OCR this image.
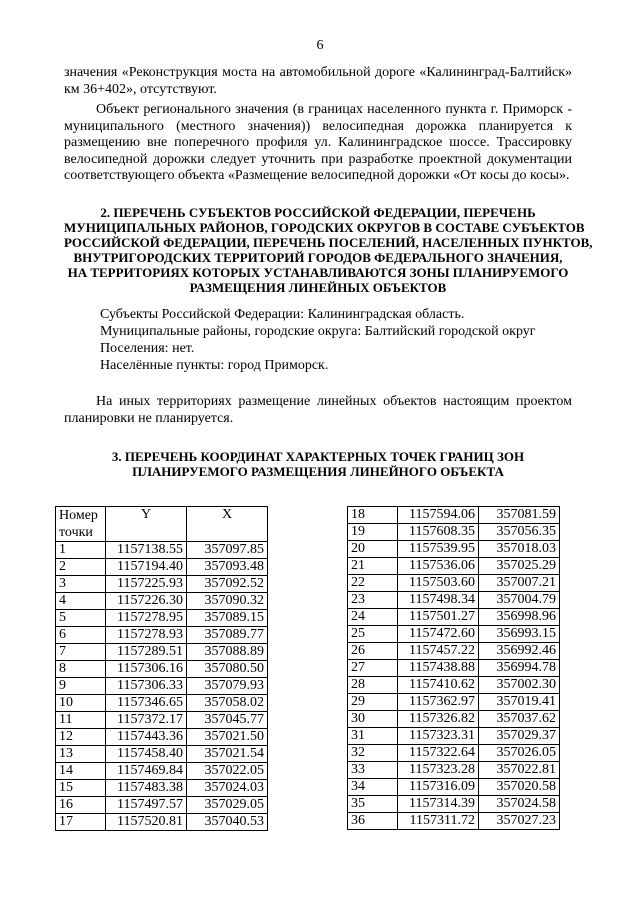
6
значения «Реконструкция моста на автомобильной дороге «Калининград-Балтийск»
км 36+402», отсутствуют.
Объект регионального значения (в границах населенного пункта г. Приморск - муниципального (местного значения)) велосипедная дорожка планируется к размещению вне поперечного профиля ул. Калининградское шоссе. Трассировку велосипедной дорожки следует уточнить при разработке проектной документации соответствующего объекта «Размещение велосипедной дорожки «От косы до косы».
2. ПЕРЕЧЕНЬ СУБЪЕКТОВ РОССИЙСКОЙ ФЕДЕРАЦИИ, ПЕРЕЧЕНЬ
МУНИЦИПАЛЬНЫХ РАЙОНОВ, ГОРОДСКИХ ОКРУГОВ В СОСТАВЕ СУБЪЕКТОВ
РОССИЙСКОЙ ФЕДЕРАЦИИ, ПЕРЕЧЕНЬ ПОСЕЛЕНИЙ, НАСЕЛЕННЫХ ПУНКТОВ,
ВНУТРИГОРОДСКИХ ТЕРРИТОРИЙ ГОРОДОВ ФЕДЕРАЛЬНОГО ЗНАЧЕНИЯ,
НА ТЕРРИТОРИЯХ КОТОРЫХ УСТАНАВЛИВАЮТСЯ ЗОНЫ ПЛАНИРУЕМОГО
РАЗМЕЩЕНИЯ ЛИНЕЙНЫХ ОБЪЕКТОВ
Субъекты Российской Федерации: Калининградская область.
Муниципальные районы, городские округа: Балтийский городской округ
Поселения: нет.
Населённые пункты: город Приморск.
На иных территориях размещение линейных объектов настоящим проектом планировки не планируется.
3. ПЕРЕЧЕНЬ КООРДИНАТ ХАРАКТЕРНЫХ ТОЧЕК ГРАНИЦ ЗОН
ПЛАНИРУЕМОГО РАЗМЕЩЕНИЯ ЛИНЕЙНОГО ОБЪЕКТА
Номер
точки	Y	X
1	1157138.55	357097.85
2	1157194.40	357093.48
3	1157225.93	357092.52
4	1157226.30	357090.32
5	1157278.95	357089.15
6	1157278.93	357089.77
7	1157289.51	357088.89
8	1157306.16	357080.50
9	1157306.33	357079.93
10	1157346.65	357058.02
11	1157372.17	357045.77
12	1157443.36	357021.50
13	1157458.40	357021.54
14	1157469.84	357022.05
15	1157483.38	357024.03
16	1157497.57	357029.05
17	1157520.81	357040.53
18	1157594.06	357081.59
19	1157608.35	357056.35
20	1157539.95	357018.03
21	1157536.06	357025.29
22	1157503.60	357007.21
23	1157498.34	357004.79
24	1157501.27	356998.96
25	1157472.60	356993.15
26	1157457.22	356992.46
27	1157438.88	356994.78
28	1157410.62	357002.30
29	1157362.97	357019.41
30	1157326.82	357037.62
31	1157323.31	357029.37
32	1157322.64	357026.05
33	1157323.28	357022.81
34	1157316.09	357020.58
35	1157314.39	357024.58
36	1157311.72	357027.23
